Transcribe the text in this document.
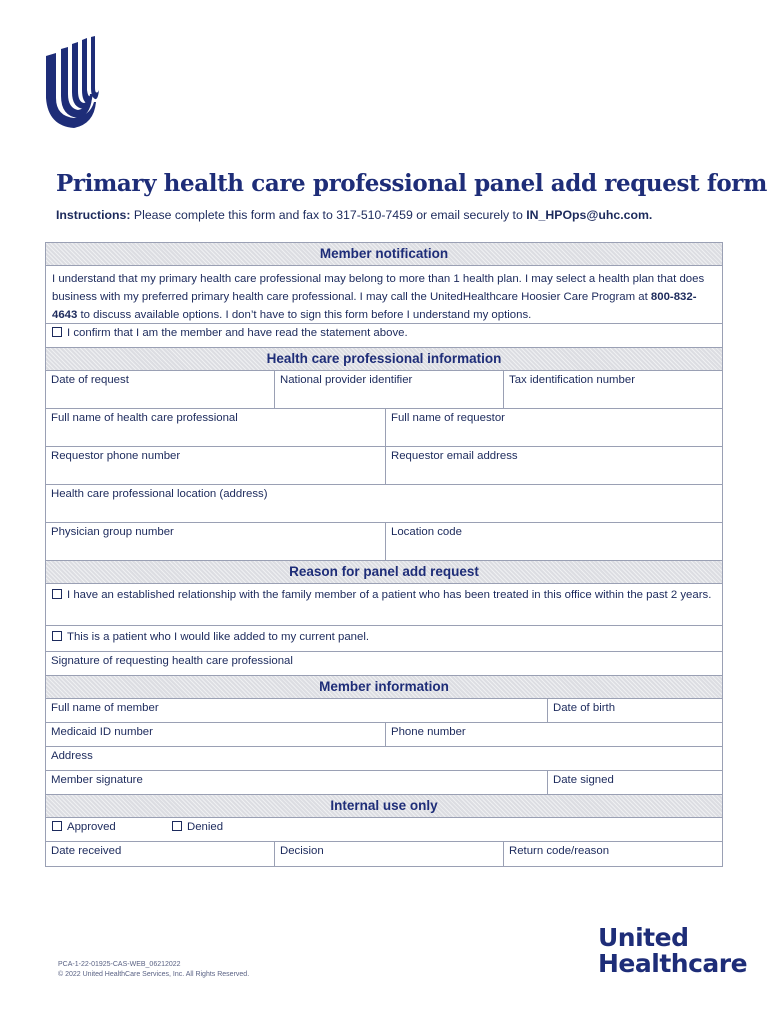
Primary health care professional panel add request form
Instructions: Please complete this form and fax to 317-510-7459 or email securely to IN_HPOps@uhc.com.
Member notification
I understand that my primary health care professional may belong to more than 1 health plan. I may select a health plan that does business with my preferred primary health care professional. I may call the UnitedHealthcare Hoosier Care Program at 800-832-4643 to discuss available options. I don’t have to sign this form before I understand my options.
I confirm that I am the member and have read the statement above.
Health care professional information
Date of request	National provider identifier	Tax identification number
Full name of health care professional	Full name of requestor
Requestor phone number	Requestor email address
Health care professional location (address)
Physician group number	Location code
Reason for panel add request
I have an established relationship with the family member of a patient who has been treated in this office within the past 2 years.
This is a patient who I would like added to my current panel.
Signature of requesting health care professional
Member information
Full name of member	Date of birth
Medicaid ID number	Phone number
Address
Member signature	Date signed
Internal use only
Approved	Denied
Date received	Decision	Return code/reason
PCA-1-22-01925-CAS-WEB_06212022
© 2022 United HealthCare Services, Inc. All Rights Reserved.
United
Healthcare
